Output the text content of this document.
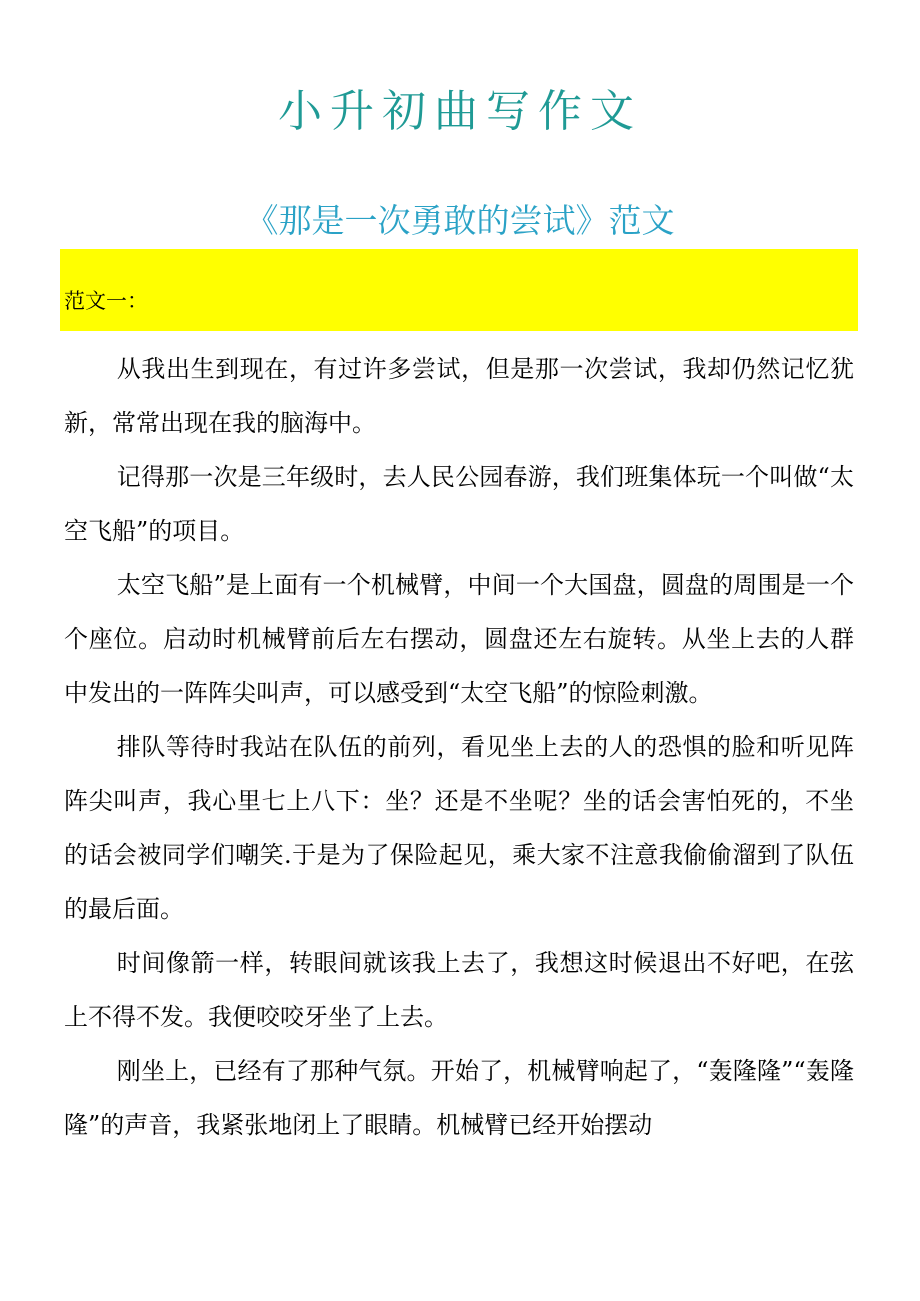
小升初曲写作文
《那是一次勇敢的尝试》范文
范文一：

从我出生到现在，有过许多尝试，但是那一次尝试，我却仍然记忆犹新，常常出现在我的脑海中。

记得那一次是三年级时，去人民公园春游，我们班集体玩一个叫做“太空飞船”的项目。

太空飞船”是上面有一个机械臂，中间一个大国盘，圆盘的周围是一个个座位。启动时机械臂前后左右摆动，圆盘还左右旋转。从坐上去的人群中发出的一阵阵尖叫声，可以感受到“太空飞船”的惊险刺激。

排队等待时我站在队伍的前列，看见坐上去的人的恐惧的脸和听见阵阵尖叫声，我心里七上八下：坐？还是不坐呢？坐的话会害怕死的，不坐的话会被同学们嘲笑.于是为了保险起见，乘大家不注意我偷偷溜到了队伍的最后面。

时间像箭一样，转眼间就该我上去了，我想这时候退出不好吧，在弦上不得不发。我便咬咬牙坐了上去。

刚坐上，已经有了那种气氛。开始了，机械臂响起了，“轰隆隆”“轰隆隆”的声音，我紧张地闭上了眼睛。机械臂已经开始摆动
